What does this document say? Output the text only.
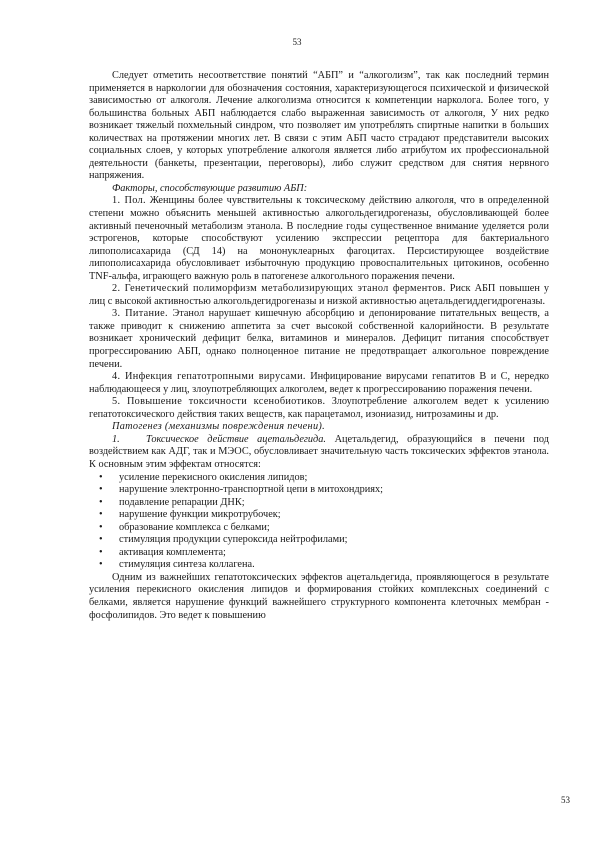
53

Следует отметить несоответствие понятий “АБП” и “алкоголизм”, так как последний термин применяется в наркологии для обозначения состояния, характеризующегося психической и физической зависимостью от алкоголя. Лечение алкоголизма относится к компетенции нарколога. Более того, у большинства больных АБП наблюдается слабо выраженная зависимость от алкоголя, У них редко возникает тяжелый похмельный синдром, что позволяет им употреблять спиртные напитки в больших количествах на протяжении многих лет. В связи с этим АБП часто страдают представители высоких социальных слоев, у которых употребление алкоголя является либо атрибутом их профессиональной деятельности (банкеты, презентации, переговоры), либо служит средством для снятия нервного напряжения.

Факторы, способствующие развитию АБП:

1. Пол. Женщины более чувствительны к токсическому действию алкоголя, что в определенной степени можно объяснить меньшей активностью алкогольдегидрогеназы, обусловливающей более активный печеночный метаболизм этанола. В последние годы существенное внимание уделяется роли эстрогенов, которые способствуют усилению экспрессии рецептора для бактериального липополисахарида (СД 14) на мононуклеарных фагоцитах. Персистирующее воздействие липополисахарида обусловливает избыточную продукцию провоспалительных цитокинов, особенно TNF-альфа, играющего важную роль в патогенезе алкогольного поражения печени.

2. Генетический полиморфизм метаболизирующих этанол ферментов. Риск АБП повышен у лиц с высокой активностью алкогольдегидрогеназы и низкой активностью ацетальдегиддегидрогеназы.

3. Питание. Этанол нарушает кишечную абсорбцию и депонирование питательных веществ, а также приводит к снижению аппетита за счет высокой собственной калорийности. В результате возникает хронический дефицит белка, витаминов и минералов. Дефицит питания способствует прогрессированию АБП, однако полноценное питание не предотвращает алкогольное повреждение печени.

4. Инфекция гепатотропными вирусами. Инфицирование вирусами гепатитов В и С, нередко наблюдающееся у лиц, злоупотребляющих алкоголем, ведет к прогрессированию поражения печени.

5. Повышение токсичности ксенобиотиков. Злоупотребление алкоголем ведет к усилению гепатотоксического действия таких веществ, как парацетамол, изониазид, нитрозамины и др.

Патогенез (механизмы повреждения печени).

1.	Токсическое действие ацетальдегида. Ацетальдегид, образующийся в печени под воздействием как АДГ, так и МЭОС, обусловливает значительную часть токсических эффектов этанола. К основным этим эффектам относятся:

• усиление перекисного окисления липидов;
• нарушение электронно-транспортной цепи в митохондриях;
• подавление репарации ДНК;
• нарушение функции микротрубочек;
• образование комплекса с белками;
• стимуляция продукции супероксида нейтрофилами;
• активация комплемента;
• стимуляция синтеза коллагена.

Одним из важнейших гепатотоксических эффектов ацетальдегида, проявляющегося в результате усиления перекисного окисления липидов и формирования стойких комплексных соединений с белками, является нарушение функций важнейшего структурного компонента клеточных мембран - фосфолипидов. Это ведет к повышению

53
